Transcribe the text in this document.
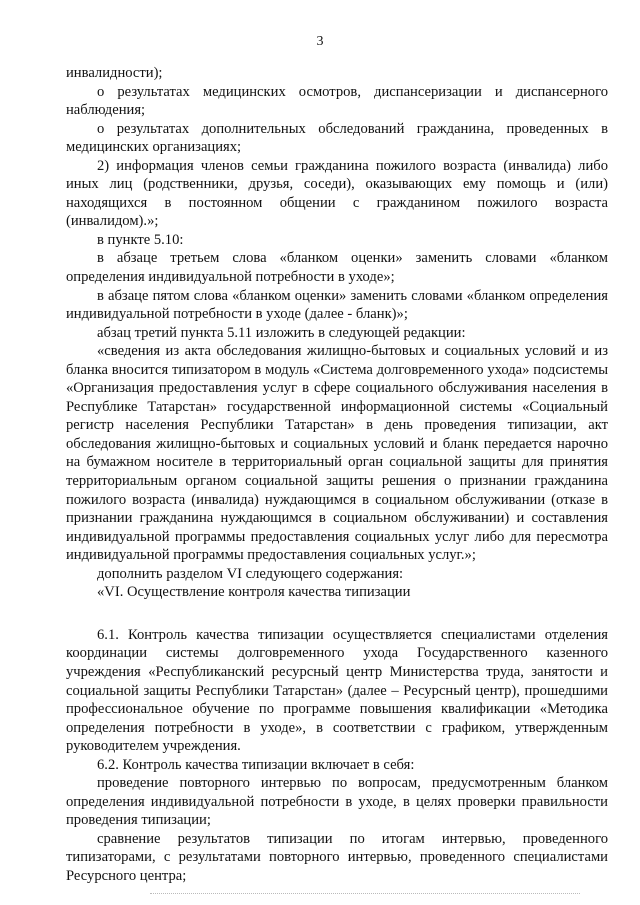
3

инвалидности);

о результатах медицинских осмотров, диспансеризации и диспансерного наблюдения;

о результатах дополнительных обследований гражданина, проведенных в медицинских организациях;

2) информация членов семьи гражданина пожилого возраста (инвалида) либо иных лиц (родственники, друзья, соседи), оказывающих ему помощь и (или) находящихся в постоянном общении с гражданином пожилого возраста (инвалидом).»;

в пункте 5.10:

в абзаце третьем слова «бланком оценки» заменить словами «бланком определения индивидуальной потребности в уходе»;

в абзаце пятом слова «бланком оценки» заменить словами «бланком определения индивидуальной потребности в уходе (далее - бланк)»;

абзац третий пункта 5.11 изложить в следующей редакции:

«сведения из акта обследования жилищно-бытовых и социальных условий и из бланка вносится типизатором в модуль «Система долговременного ухода» подсистемы «Организация предоставления услуг в сфере социального обслуживания населения в Республике Татарстан» государственной информационной системы «Социальный регистр населения Республики Татарстан» в день проведения типизации, акт обследования жилищно-бытовых и социальных условий и бланк передается нарочно на бумажном носителе в территориальный орган социальной защиты для принятия территориальным органом социальной защиты решения о признании гражданина пожилого возраста (инвалида) нуждающимся в социальном обслуживании (отказе в признании гражданина нуждающимся в социальном обслуживании) и составления индивидуальной программы предоставления социальных услуг либо для пересмотра индивидуальной программы предоставления социальных услуг.»;

дополнить разделом VI следующего содержания:

«VI. Осуществление контроля качества типизации

6.1. Контроль качества типизации осуществляется специалистами отделения координации системы долговременного ухода Государственного казенного учреждения «Республиканский ресурсный центр Министерства труда, занятости и социальной защиты Республики Татарстан» (далее – Ресурсный центр), прошедшими профессиональное обучение по программе повышения квалификации «Методика определения потребности в уходе», в соответствии с графиком, утвержденным руководителем учреждения.

6.2. Контроль качества типизации включает в себя:

проведение повторного интервью по вопросам, предусмотренным бланком определения индивидуальной потребности в уходе, в целях проверки правильности проведения типизации;

сравнение результатов типизации по итогам интервью, проведенного типизаторами, с результатами повторного интервью, проведенного специалистами Ресурсного центра;
